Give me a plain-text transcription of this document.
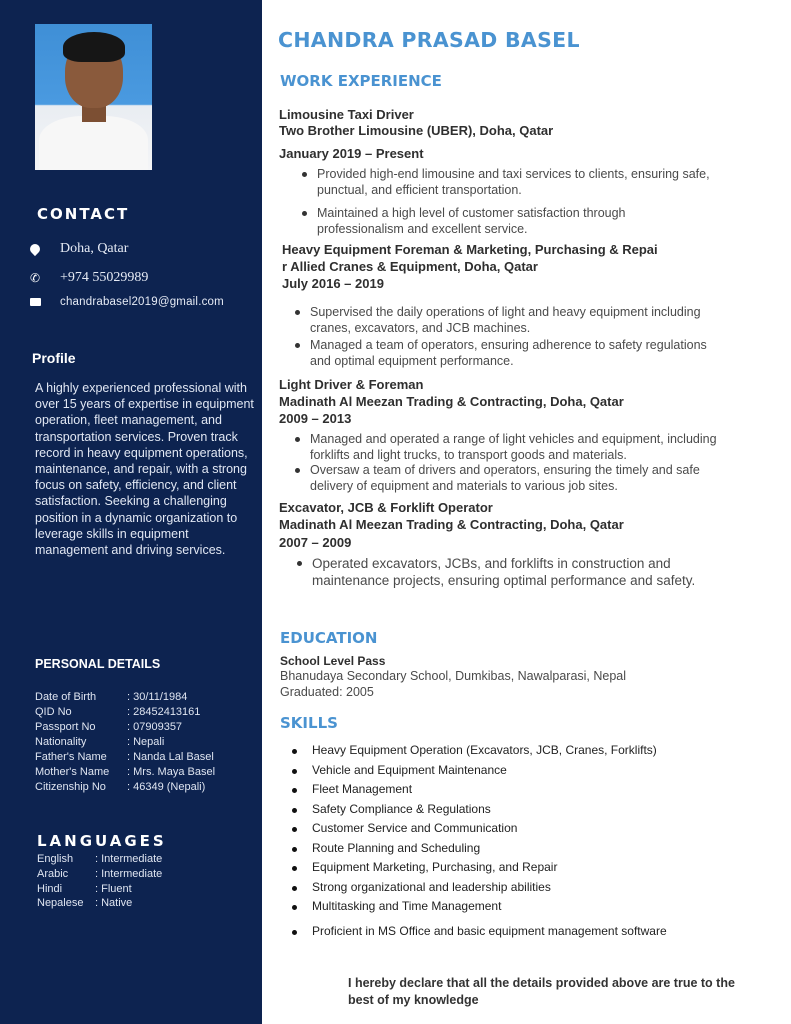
CONTACT
Doha, Qatar
✆ +974 55029989
chandrabasel2019@gmail.com
Profile
A highly experienced professional with over 15 years of expertise in equipment operation, fleet management, and transportation services. Proven track record in heavy equipment operations, maintenance, and repair, with a strong focus on safety, efficiency, and client satisfaction. Seeking a challenging position in a dynamic organization to leverage skills in equipment management and driving services.
PERSONAL DETAILS
Date of Birth	: 30/11/1984
QID No	: 28452413161
Passport No	: 07909357
Nationality	: Nepali
Father's Name	: Nanda Lal Basel
Mother's Name	: Mrs. Maya Basel
Citizenship No	: 46349 (Nepali)
LANGUAGES
English	: Intermediate
Arabic	: Intermediate
Hindi	: Fluent
Nepalese	: Native
CHANDRA PRASAD BASEL
WORK EXPERIENCE
Limousine Taxi Driver
Two Brother Limousine (UBER), Doha, Qatar
January 2019 – Present
Provided high-end limousine and taxi services to clients, ensuring safe, punctual, and efficient transportation.
Maintained a high level of customer satisfaction through professionalism and excellent service.
Heavy Equipment Foreman & Marketing, Purchasing & Repai
r Allied Cranes & Equipment, Doha, Qatar
July 2016 – 2019
Supervised the daily operations of light and heavy equipment including cranes, excavators, and JCB machines.
Managed a team of operators, ensuring adherence to safety regulations and optimal equipment performance.
Light Driver & Foreman
Madinath Al Meezan Trading & Contracting, Doha, Qatar
2009 – 2013
Managed and operated a range of light vehicles and equipment, including forklifts and light trucks, to transport goods and materials.
Oversaw a team of drivers and operators, ensuring the timely and safe delivery of equipment and materials to various job sites.
Excavator, JCB & Forklift Operator
Madinath Al Meezan Trading & Contracting, Doha, Qatar
2007 – 2009
Operated excavators, JCBs, and forklifts in construction and maintenance projects, ensuring optimal performance and safety.
EDUCATION
School Level Pass
Bhanudaya Secondary School, Dumkibas, Nawalparasi, Nepal
Graduated: 2005
SKILLS
Heavy Equipment Operation (Excavators, JCB, Cranes, Forklifts)
Vehicle and Equipment Maintenance
Fleet Management
Safety Compliance & Regulations
Customer Service and Communication
Route Planning and Scheduling
Equipment Marketing, Purchasing, and Repair
Strong organizational and leadership abilities
Multitasking and Time Management
Proficient in MS Office and basic equipment management software
I hereby declare that all the details provided above are true to the best of my knowledge
